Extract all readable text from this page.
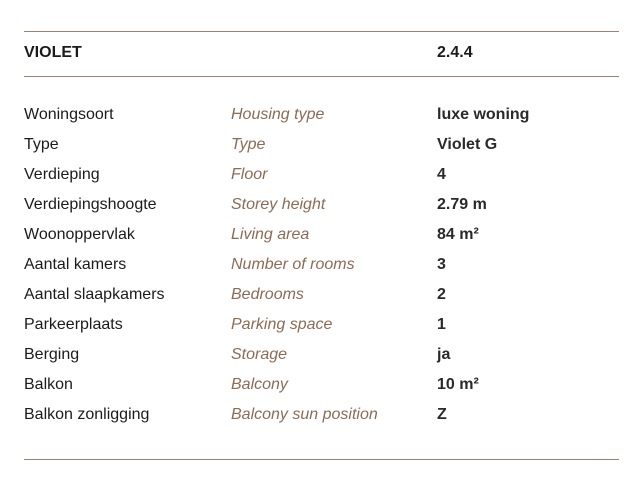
VIOLET	2.4.4
Woningsoort	Housing type	luxe woning
Type	Type	Violet G
Verdieping	Floor	4
Verdiepingshoogte	Storey height	2.79 m
Woonoppervlak	Living area	84 m²
Aantal kamers	Number of rooms	3
Aantal slaapkamers	Bedrooms	2
Parkeerplaats	Parking space	1
Berging	Storage	ja
Balkon	Balcony	10 m²
Balkon zonligging	Balcony sun position	Z
